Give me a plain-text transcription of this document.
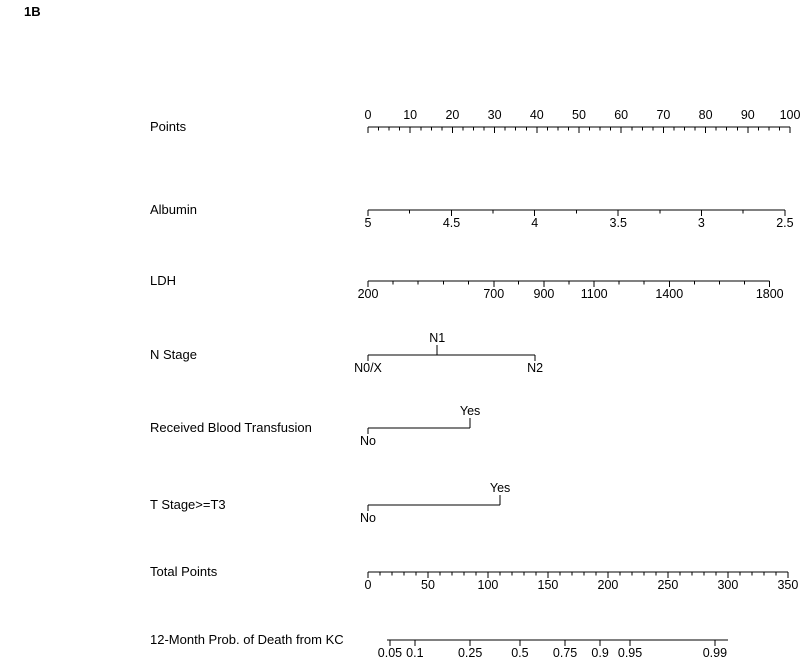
1B
Points
0	10 20 30 40 50 60 70 80 90 100
Albumin
5	4.5	4	3.5	3	2.5
LDH
200	700 900 1100	1400	1800
N Stage
N0/X
N1
N2
Received Blood Transfusion
No
Yes
T Stage>=T3
No
Yes
Total Points
0	50	100	150	200	250	300	350
12-Month Prob. of Death from KC
0.05 0.1	0.25 0.5 0.75 0.9 0.95	0.99
